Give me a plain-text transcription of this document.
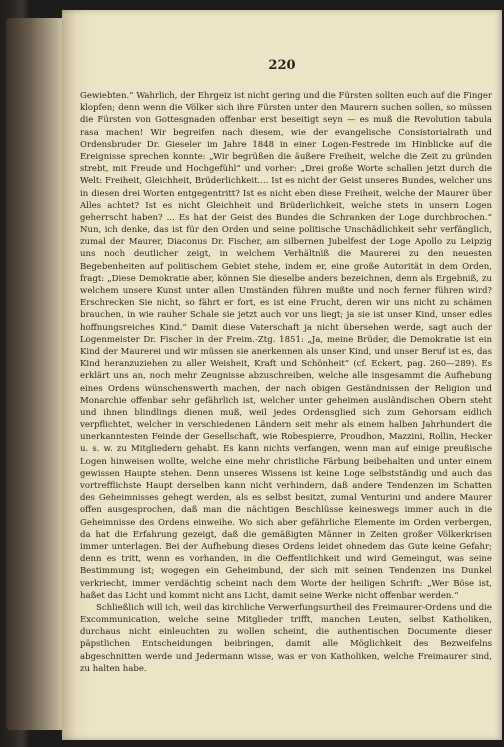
220

Gewiebten.“ Wahrlich, der Ehrgeiz ist nicht gering und die Fürsten sollten euch auf die Finger klopfen; denn wenn die Völker sich ihre Fürsten unter den Maurern suchen sollen, so müssen die Fürsten von Gottesgnaden offenbar erst beseitigt seyn — es muß die Revolution tabula rasa machen! Wir begreifen nach diesem, wie der evangelische Consistorialrath und Ordensbruder Dr. Gieseler im Jahre 1848 in einer Logen-Festrede im Hinblicke auf die Ereignisse sprechen konnte: „Wir begrüßen die äußere Freiheit, welche die Zeit zu gründen strebt, mit Freude und Hochgefühl“ und vorher: „Drei große Worte schallen jetzt durch die Welt: Freiheit, Gleichheit, Brüderlichkeit.... Ist es nicht der Geist unseres Bundes, welcher uns in diesen drei Worten entgegentritt? Ist es nicht eben diese Freiheit, welche der Maurer über Alles achtet? Ist es nicht Gleichheit und Brüderlichkeit, welche stets in unsern Logen geherrscht haben? ... Es hat der Geist des Bundes die Schranken der Loge durchbrochen.“ Nun, ich denke, das ist für den Orden und seine politische Unschädlichkeit sehr verfänglich, zumal der Maurer, Diaconus Dr. Fischer, am silbernen Jubelfest der Loge Apollo zu Leipzig uns noch deutlicher zeigt, in welchem Verhältniß die Maurerei zu den neuesten Begebenheiten auf politischem Gebiet stehe, indem er, eine große Autorität in dem Orden, fragt: „Diese Demokratie aber, können Sie dieselbe anders bezeichnen, denn als Ergebniß, zu welchem unsere Kunst unter allen Umständen führen mußte und noch ferner führen wird? Erschrecken Sie nicht, so fährt er fort, es ist eine Frucht, deren wir uns nicht zu schämen brauchen, in wie rauher Schale sie jetzt auch vor uns liegt; ja sie ist unser Kind, unser edles hoffnungsreiches Kind.“ Damit diese Vaterschaft ja nicht übersehen werde, sagt auch der Logenmeister Dr. Fischer in der Freim.-Ztg. 1851: „Ja, meine Brüder, die Demokratie ist ein Kind der Maurerei und wir müssen sie anerkennen als unser Kind, und unser Beruf ist es, das Kind heranzuziehen zu aller Weisheit, Kraft und Schönheit“ (cf. Eckert, pag. 260—289). Es erklärt uns an, noch mehr Zeugnisse abzuschreiben, welche alle insgesammt die Aufhebung eines Ordens wünschenswerth machen, der nach obigen Geständnissen der Religion und Monarchie offenbar sehr gefährlich ist, welcher unter geheimen ausländischen Obern steht und ihnen blindlings dienen muß, weil jedes Ordensglied sich zum Gehorsam eidlich verpflichtet, welcher in verschiedenen Ländern seit mehr als einem halben Jahrhundert die unerkanntesten Feinde der Gesellschaft, wie Robespierre, Proudhon, Mazzini, Rollin, Hecker u. s. w. zu Mitgliedern gehabt. Es kann nichts verfangen, wenn man auf einige preußische Logen hinweisen wollte, welche eine mehr christliche Färbung beibehalten und unter einem gewissen Haupte stehen. Denn unseres Wissens ist keine Loge selbstständig und auch das vortrefflichste Haupt derselben kann nicht verhindern, daß andere Tendenzen im Schatten des Geheimnisses gehegt werden, als es selbst besitzt, zumal Venturini und andere Maurer offen ausgesprochen, daß man die nächtigen Beschlüsse keineswegs immer auch in die Geheimnisse des Ordens einweihe. Wo sich aber gefährliche Elemente im Orden verbergen, da hat die Erfahrung gezeigt, daß die gemäßigten Männer in Zeiten großer Völkerkrisen immer unterlagen. Bei der Aufhebung dieses Ordens leidet ohnedem das Gute keine Gefahr; denn es tritt, wenn es vorhanden, in die Oeffentlichkeit und wird Gemeingut, was seine Bestimmung ist; wogegen ein Geheimbund, der sich mit seinen Tendenzen ins Dunkel verkriecht, immer verdächtig scheint nach dem Worte der heiligen Schrift: „Wer Böse ist, haßet das Licht und kommt nicht ans Licht, damit seine Werke nicht offenbar werden.“

Schließlich will ich, weil das kirchliche Verwerfungsurtheil des Freimaurer-Ordens und die Excommunication, welche seine Mitglieder trifft, manchen Leuten, selbst Katholiken, durchaus nicht einleuchten zu wollen scheint, die authentischen Documente dieser päpstlichen Entscheidungen beibringen, damit alle Möglichkeit des Bezweifelns abgeschnitten werde und Jedermann wisse, was er von Katholiken, welche Freimaurer sind, zu halten habe.
